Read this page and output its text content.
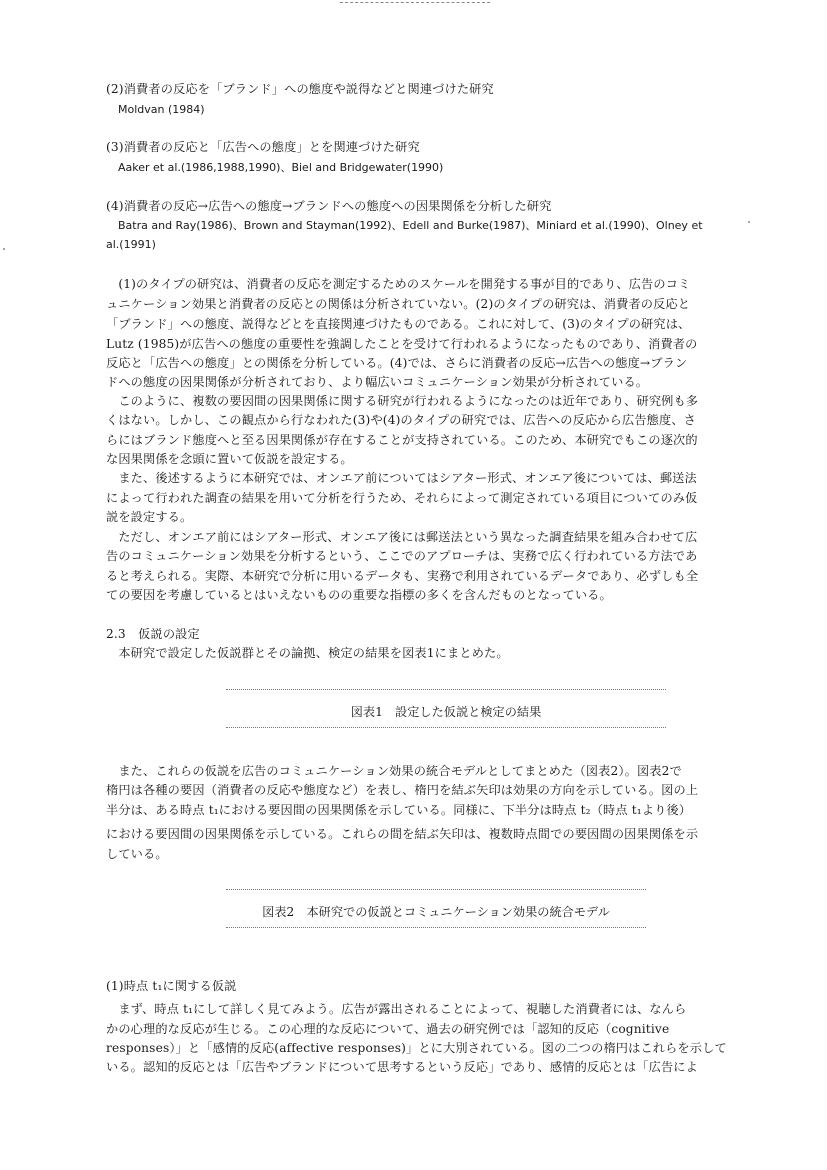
(2)消費者の反応を「ブランド」への態度や説得などと関連づけた研究
Moldvan (1984)
(3)消費者の反応と「広告への態度」とを関連づけた研究
Aaker et al.(1986,1988,1990)、Biel and Bridgewater(1990)
(4)消費者の反応→広告への態度→ブランドへの態度への因果関係を分析した研究
Batra and Ray(1986)、Brown and Stayman(1992)、Edell and Burke(1987)、Miniard et al.(1990)、Olney et
al.(1991)
　(1)のタイプの研究は、消費者の反応を測定するためのスケールを開発する事が目的であり、広告のコミ
ュニケーション効果と消費者の反応との関係は分析されていない。(2)のタイプの研究は、消費者の反応と
「ブランド」への態度、説得などとを直接関連づけたものである。これに対して、(3)のタイプの研究は、
Lutz (1985)が広告への態度の重要性を強調したことを受けて行われるようになったものであり、消費者の
反応と「広告への態度」との関係を分析している。(4)では、さらに消費者の反応→広告への態度→ブラン
ドへの態度の因果関係が分析されており、より幅広いコミュニケーション効果が分析されている。
　このように、複数の要因間の因果関係に関する研究が行われるようになったのは近年であり、研究例も多
くはない。しかし、この観点から行なわれた(3)や(4)のタイプの研究では、広告への反応から広告態度、さ
らにはブランド態度へと至る因果関係が存在することが支持されている。このため、本研究でもこの逐次的
な因果関係を念頭に置いて仮説を設定する。
　また、後述するように本研究では、オンエア前についてはシアター形式、オンエア後については、郵送法
によって行われた調査の結果を用いて分析を行うため、それらによって測定されている項目についてのみ仮
説を設定する。
　ただし、オンエア前にはシアター形式、オンエア後には郵送法という異なった調査結果を組み合わせて広
告のコミュニケーション効果を分析するという、ここでのアプローチは、実務で広く行われている方法であ
ると考えられる。実際、本研究で分析に用いるデータも、実務で利用されているデータであり、必ずしも全
ての要因を考慮しているとはいえないものの重要な指標の多くを含んだものとなっている。
2.3　仮説の設定
　本研究で設定した仮説群とその論拠、検定の結果を図表1にまとめた。
　また、これらの仮説を広告のコミュニケーション効果の統合モデルとしてまとめた（図表2）。図表2で
楕円は各種の要因（消費者の反応や態度など）を表し、楕円を結ぶ矢印は効果の方向を示している。図の上
半分は、ある時点 t₁における要因間の因果関係を示している。同様に、下半分は時点 t₂（時点 t₁より後）
における要因間の因果関係を示している。これらの間を結ぶ矢印は、複数時点間での要因間の因果関係を示
している。
(1)時点 t₁に関する仮説
　まず、時点 t₁にして詳しく見てみよう。広告が露出されることによって、視聴した消費者には、なんら
かの心理的な反応が生じる。この心理的な反応について、過去の研究例では「認知的反応（cognitive
responses）」と「感情的反応(affective responses)」とに大別されている。図の二つの楕円はこれらを示して
いる。認知的反応とは「広告やブランドについて思考するという反応」であり、感情的反応とは「広告によ
図表1　設定した仮説と検定の結果
図表2　本研究での仮説とコミュニケーション効果の統合モデル
